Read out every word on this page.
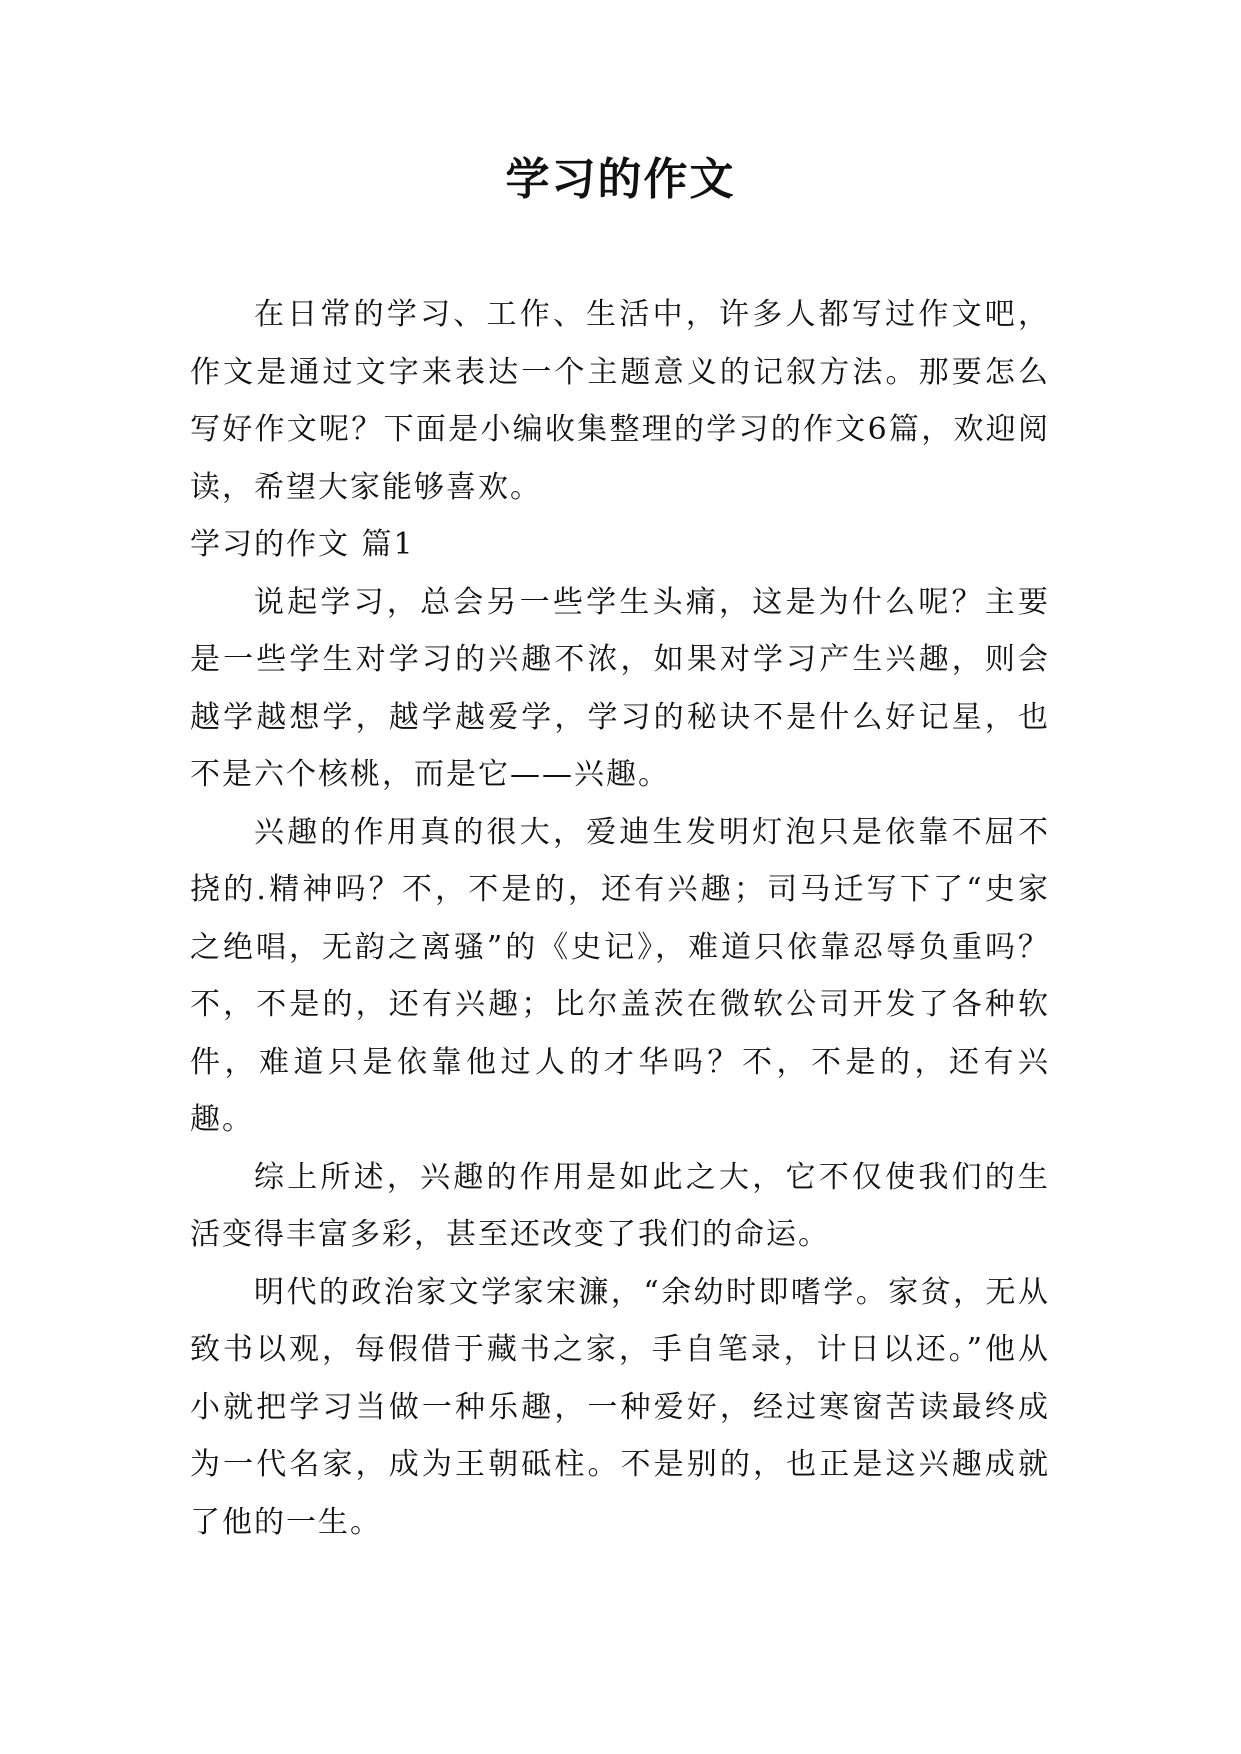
学习的作文

在日常的学习、工作、生活中，许多人都写过作文吧，作文是通过文字来表达一个主题意义的记叙方法。那要怎么写好作文呢？下面是小编收集整理的学习的作文6篇，欢迎阅读，希望大家能够喜欢。

学习的作文 篇1

说起学习，总会另一些学生头痛，这是为什么呢？主要是一些学生对学习的兴趣不浓，如果对学习产生兴趣，则会越学越想学，越学越爱学，学习的秘诀不是什么好记星，也不是六个核桃，而是它——兴趣。

兴趣的作用真的很大，爱迪生发明灯泡只是依靠不屈不挠的.精神吗？不，不是的，还有兴趣；司马迁写下了“史家之绝唱，无韵之离骚”的《史记》，难道只依靠忍辱负重吗？不，不是的，还有兴趣；比尔盖茨在微软公司开发了各种软件，难道只是依靠他过人的才华吗？不，不是的，还有兴趣。

综上所述，兴趣的作用是如此之大，它不仅使我们的生活变得丰富多彩，甚至还改变了我们的命运。

明代的政治家文学家宋濂，“余幼时即嗜学。家贫，无从致书以观，每假借于藏书之家，手自笔录，计日以还。”他从小就把学习当做一种乐趣，一种爱好，经过寒窗苦读最终成为一代名家，成为王朝砥柱。不是别的，也正是这兴趣成就了他的一生。
